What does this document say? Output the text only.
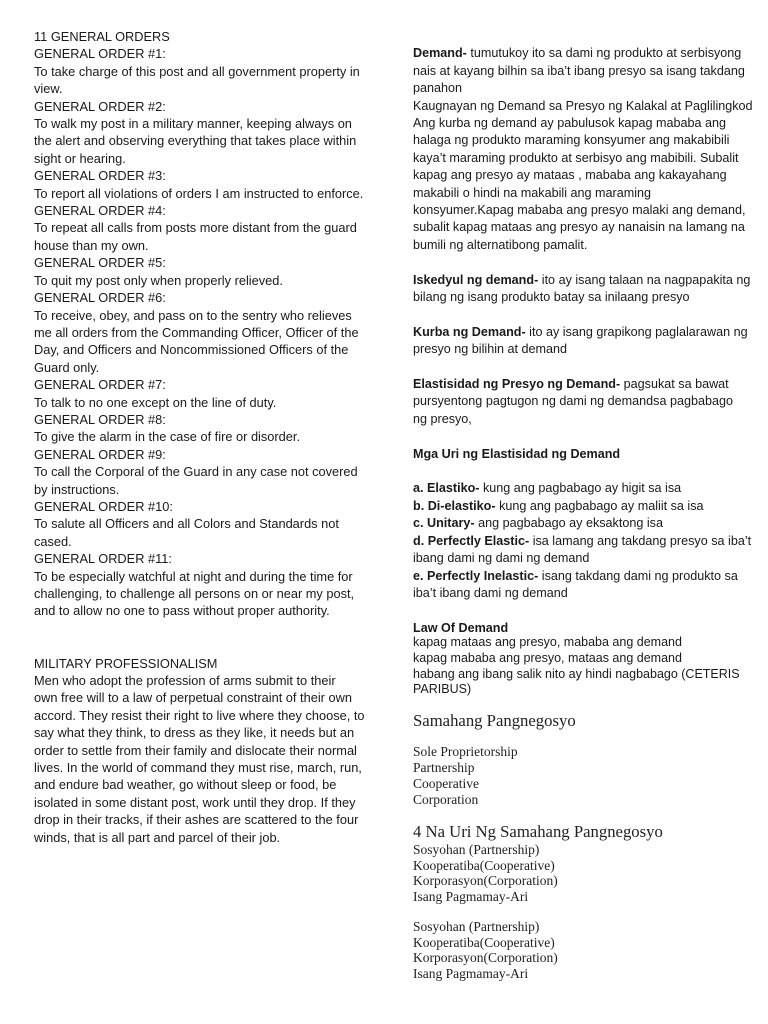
11 GENERAL ORDERS
GENERAL ORDER #1:
To take charge of this post and all government property in
view.
GENERAL ORDER #2:
To walk my post in a military manner, keeping always on
the alert and observing everything that takes place within
sight or hearing.
GENERAL ORDER #3:
To report all violations of orders I am instructed to enforce.
GENERAL ORDER #4:
To repeat all calls from posts more distant from the guard
house than my own.
GENERAL ORDER #5:
To quit my post only when properly relieved.
GENERAL ORDER #6:
To receive, obey, and pass on to the sentry who relieves
me all orders from the Commanding Officer, Officer of the
Day, and Officers and Noncommissioned Officers of the
Guard only.
GENERAL ORDER #7:
To talk to no one except on the line of duty.
GENERAL ORDER #8:
To give the alarm in the case of fire or disorder.
GENERAL ORDER #9:
To call the Corporal of the Guard in any case not covered
by instructions.
GENERAL ORDER #10:
To salute all Officers and all Colors and Standards not
cased.
GENERAL ORDER #11:
To be especially watchful at night and during the time for
challenging, to challenge all persons on or near my post,
and to allow no one to pass without proper authority.
MILITARY PROFESSIONALISM
Men who adopt the profession of arms submit to their
own free will to a law of perpetual constraint of their own
accord. They resist their right to live where they choose, to
say what they think, to dress as they like, it needs but an
order to settle from their family and dislocate their normal
lives. In the world of command they must rise, march, run,
and endure bad weather, go without sleep or food, be
isolated in some distant post, work until they drop. If they
drop in their tracks, if their ashes are scattered to the four
winds, that is all part and parcel of their job.
Demand- tumutukoy ito sa dami ng produkto at serbisyong
nais at kayang bilhin sa iba’t ibang presyo sa isang takdang
panahon
Kaugnayan ng Demand sa Presyo ng Kalakal at Paglilingkod
Ang kurba ng demand ay pabulusok kapag mababa ang
halaga ng produkto maraming konsyumer ang makabibili
kaya’t maraming produkto at serbisyo ang mabibili. Subalit
kapag ang presyo ay mataas , mababa ang kakayahang
makabili o hindi na makabili ang maraming
konsyumer.Kapag mababa ang presyo malaki ang demand,
subalit kapag mataas ang presyo ay nanaisin na lamang na
bumili ng alternatibong pamalit.
Iskedyul ng demand- ito ay isang talaan na nagpapakita ng
bilang ng isang produkto batay sa inilaang presyo
Kurba ng Demand- ito ay isang grapikong paglalarawan ng
presyo ng bilihin at demand
Elastisidad ng Presyo ng Demand- pagsukat sa bawat
pursyentong pagtugon ng dami ng demandsa pagbabago
ng presyo,
Mga Uri ng Elastisidad ng Demand
a. Elastiko- kung ang pagbabago ay higit sa isa
b. Di-elastiko- kung ang pagbabago ay maliit sa isa
c. Unitary- ang pagbabago ay eksaktong isa
d. Perfectly Elastic- isa lamang ang takdang presyo sa iba’t
ibang dami ng dami ng demand
e. Perfectly Inelastic- isang takdang dami ng produkto sa
iba’t ibang dami ng demand
Law Of Demand
kapag mataas ang presyo, mababa ang demand
kapag mababa ang presyo, mataas ang demand
habang ang ibang salik nito ay hindi nagbabago (CETERIS
PARIBUS)
Samahang Pangnegosyo
Sole Proprietorship
Partnership
Cooperative
Corporation
4 Na Uri Ng Samahang Pangnegosyo
Sosyohan (Partnership)
Kooperatiba(Cooperative)
Korporasyon(Corporation)
Isang Pagmamay-Ari
Sosyohan (Partnership)
Kooperatiba(Cooperative)
Korporasyon(Corporation)
Isang Pagmamay-Ari
